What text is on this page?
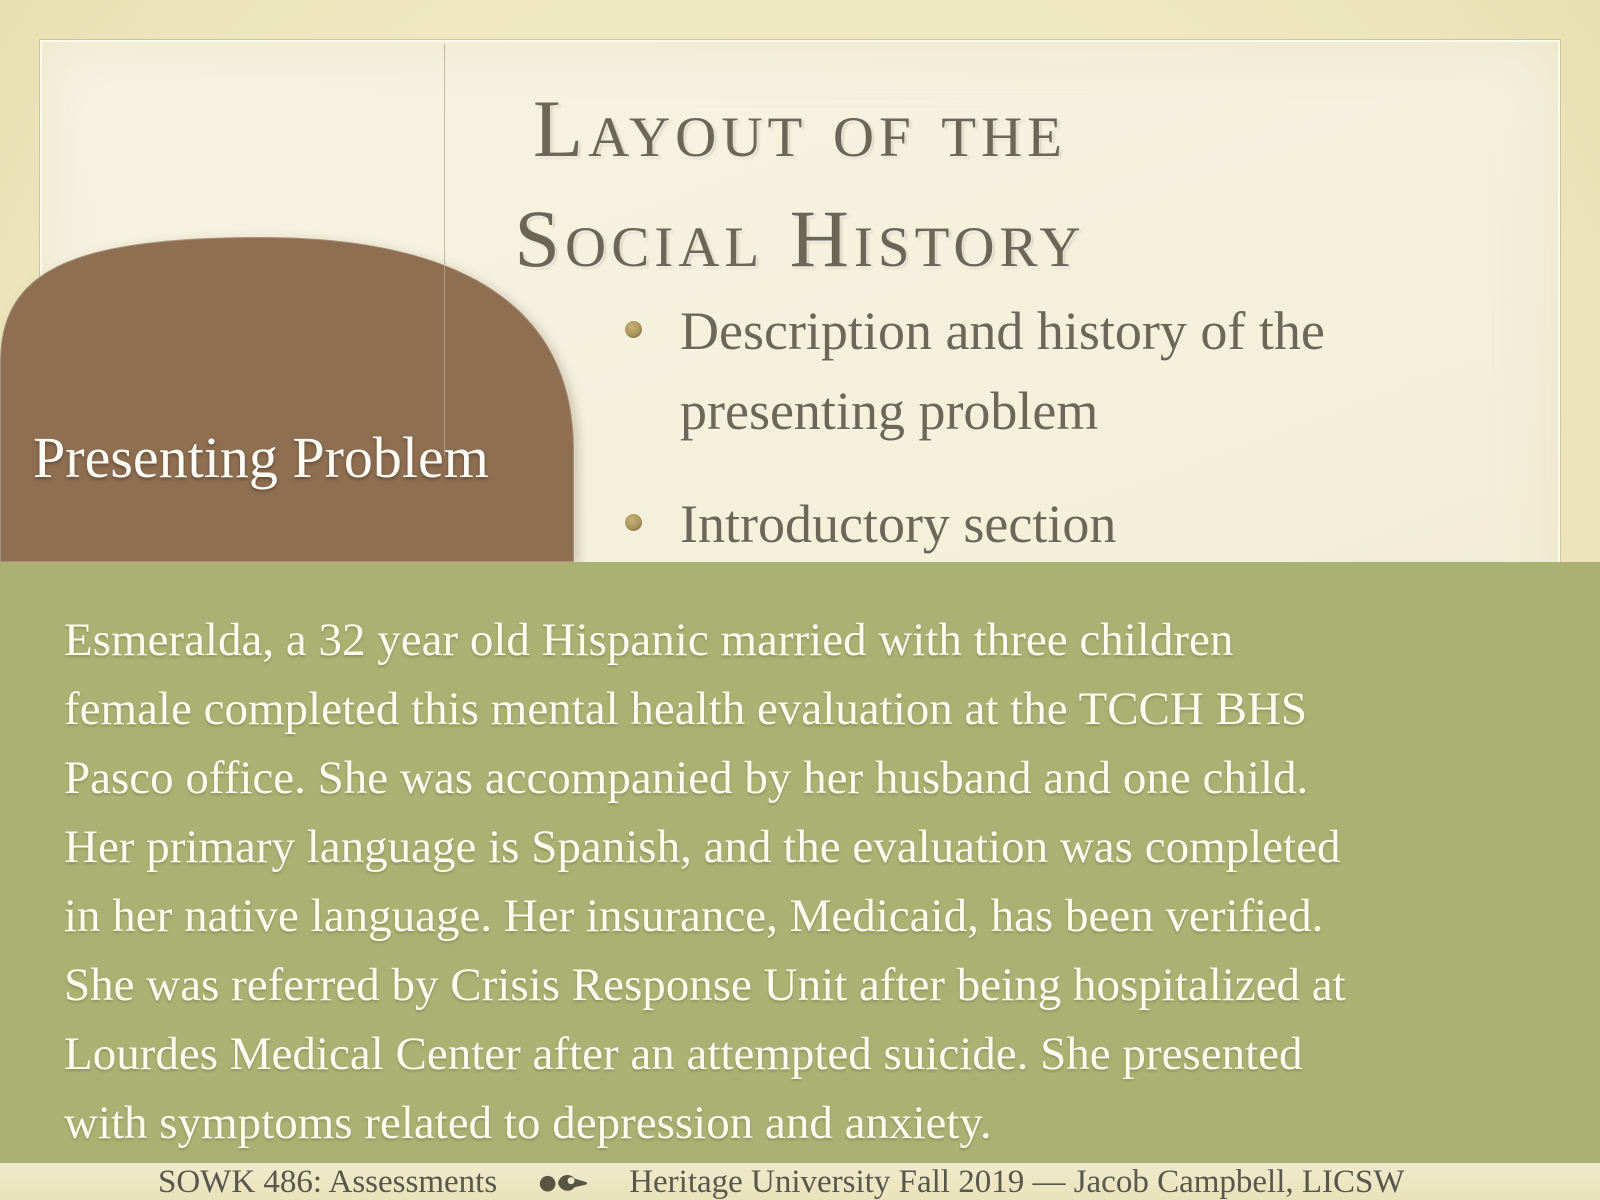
Layout of the
Social History
Presenting Problem
Description and history of the
presenting problem
Introductory section
Esmeralda, a 32 year old Hispanic married with three children
female completed this mental health evaluation at the TCCH BHS
Pasco office. She was accompanied by her husband and one child.
Her primary language is Spanish, and the evaluation was completed
in her native language. Her insurance, Medicaid, has been verified.
She was referred by Crisis Response Unit after being hospitalized at
Lourdes Medical Center after an attempted suicide. She presented
with symptoms related to depression and anxiety.
SOWK 486: Assessments	Heritage University Fall 2019 — Jacob Campbell, LICSW
